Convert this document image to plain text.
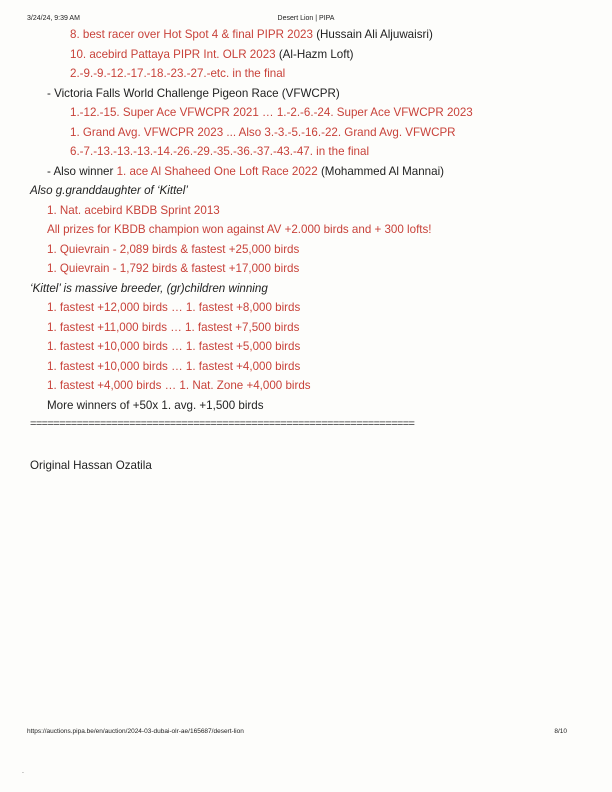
3/24/24, 9:39 AM	Desert Lion | PIPA
8. best racer over Hot Spot 4 & final PIPR 2023 (Hussain Ali Aljuwaisri)
10. acebird Pattaya PIPR Int. OLR 2023 (Al-Hazm Loft)
2.-9.-9.-12.-17.-18.-23.-27.-etc. in the final
- Victoria Falls World Challenge Pigeon Race (VFWCPR)
1.-12.-15. Super Ace VFWCPR 2021 … 1.-2.-6.-24. Super Ace VFWCPR 2023
1. Grand Avg. VFWCPR 2023 ... Also 3.-3.-5.-16.-22. Grand Avg. VFWCPR
6.-7.-13.-13.-13.-14.-26.-29.-35.-36.-37.-43.-47. in the final
- Also winner 1. ace Al Shaheed One Loft Race 2022 (Mohammed Al Mannai)
Also g.granddaughter of ‘Kittel’
1. Nat. acebird KBDB Sprint 2013
All prizes for KBDB champion won against AV +2.000 birds and + 300 lofts!
1. Quievrain - 2,089 birds & fastest +25,000 birds
1. Quievrain - 1,792 birds & fastest +17,000 birds
‘Kittel’ is massive breeder, (gr)children winning
1. fastest +12,000 birds … 1. fastest +8,000 birds
1. fastest +11,000 birds … 1. fastest +7,500 birds
1. fastest +10,000 birds … 1. fastest +5,000 birds
1. fastest +10,000 birds … 1. fastest +4,000 birds
1. fastest +4,000 birds … 1. Nat. Zone +4,000 birds
More winners of +50x 1. avg. +1,500 birds
==================================================================
Original Hassan Ozatila
https://auctions.pipa.be/en/auction/2024-03-dubai-olr-ae/165687/desert-lion	8/10
.
